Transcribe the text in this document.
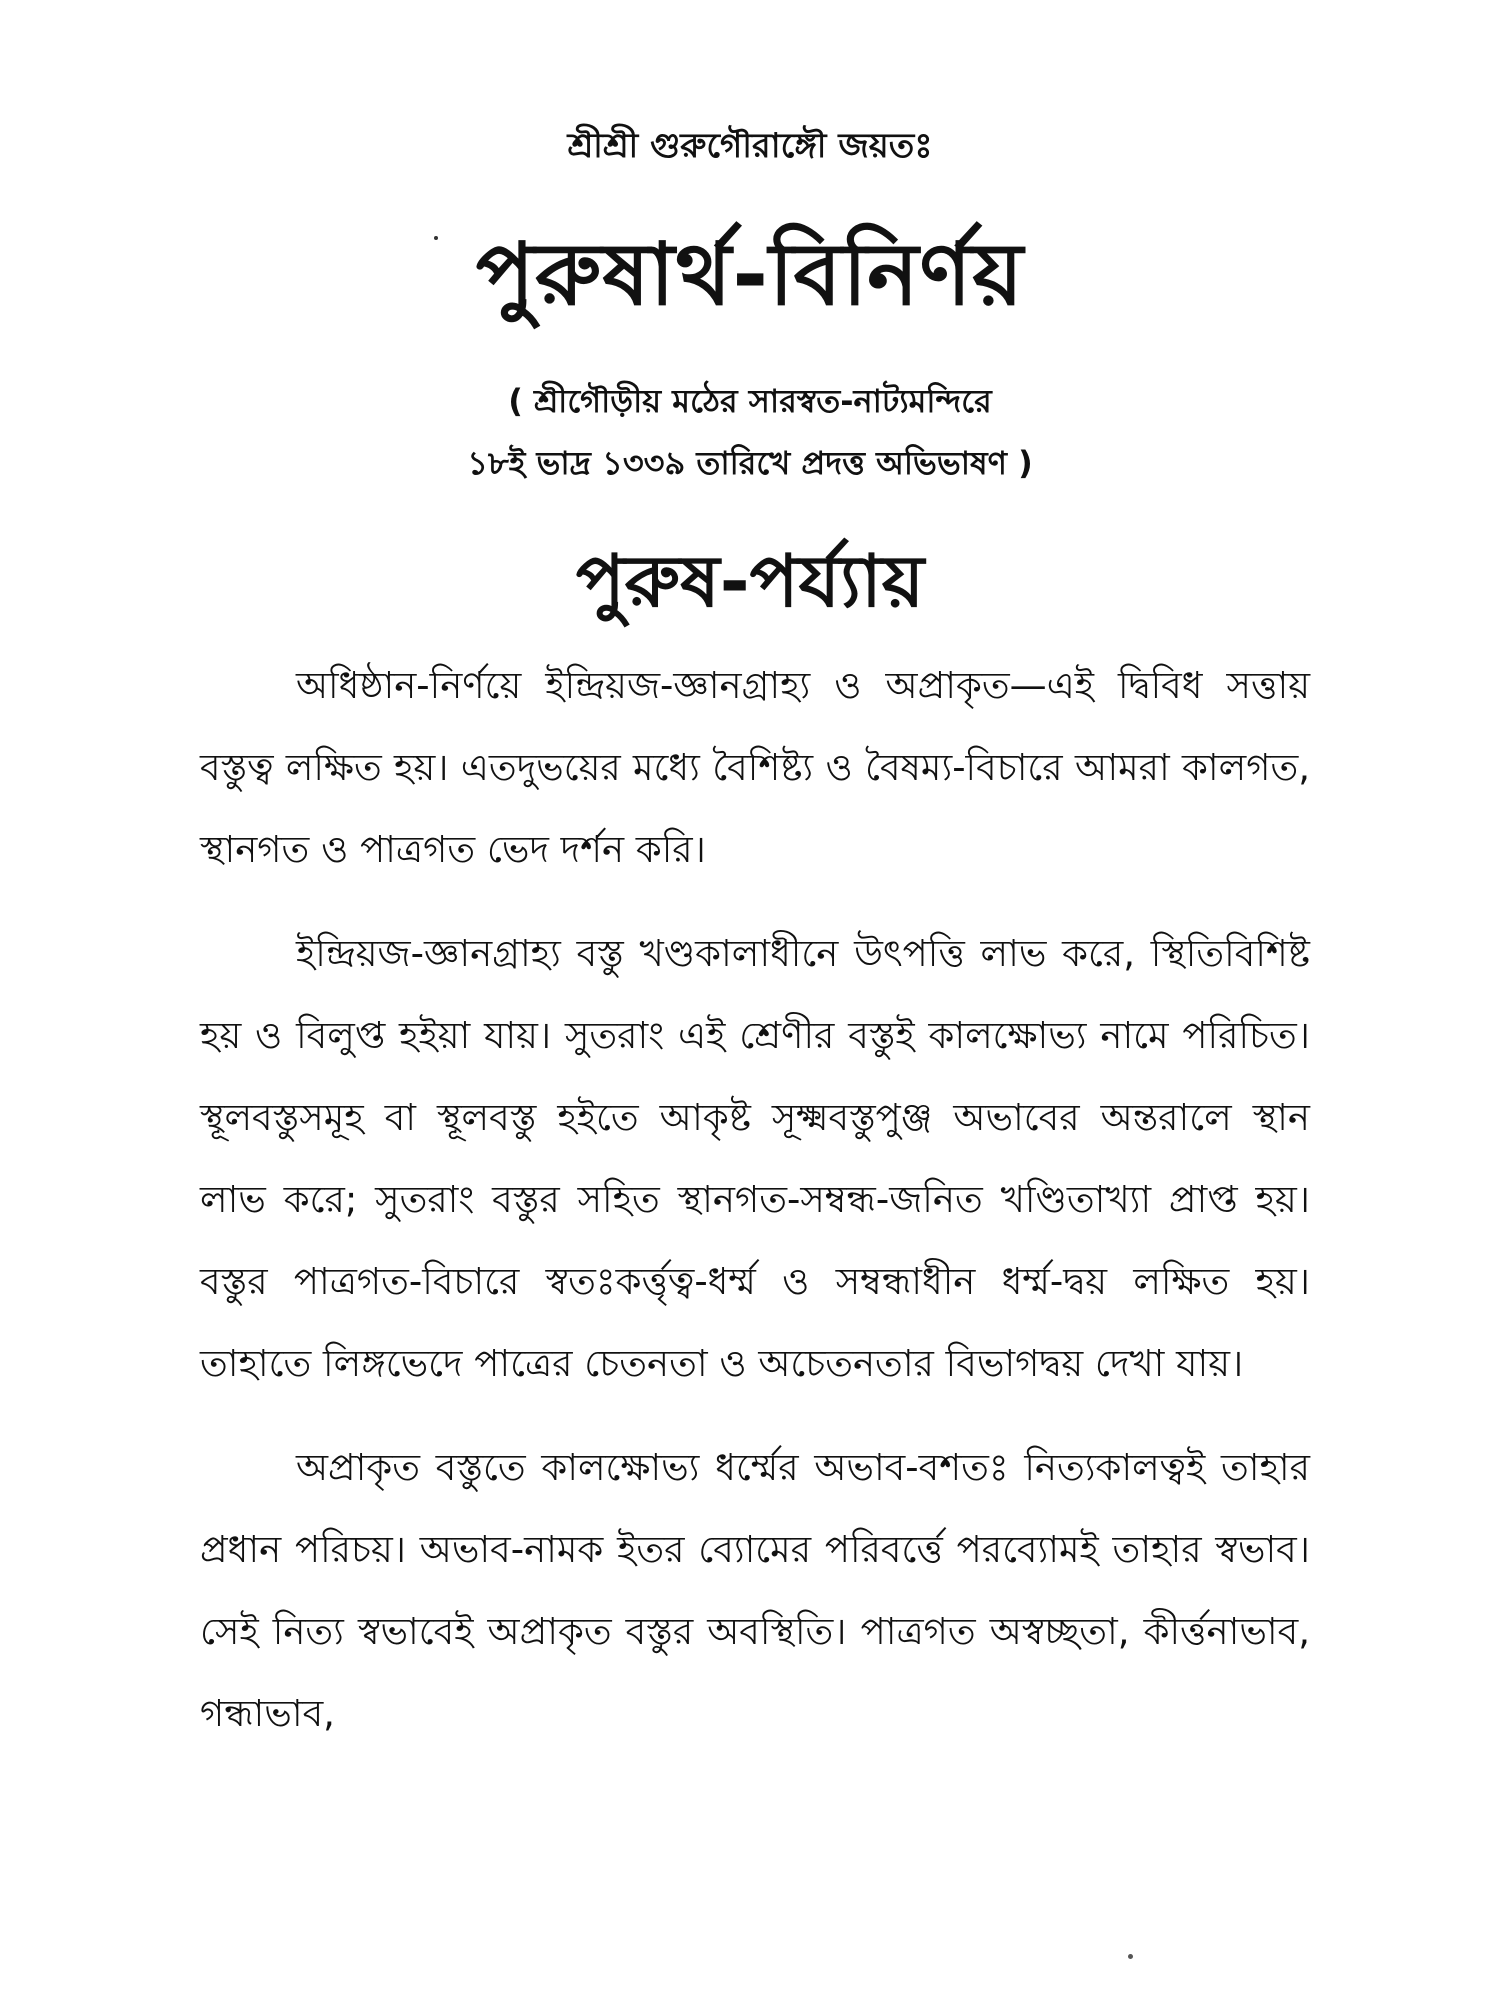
শ্রীশ্রী গুরুগৌরাঙ্গৌ জয়তঃ
পুরুষার্থ-বিনির্ণয়
( শ্রীগৌড়ীয় মঠের সারস্বত-নাট্যমন্দিরে
১৮ই ভাদ্র ১৩৩৯ তারিখে প্রদত্ত অভিভাষণ )
পুরুষ-পর্য্যায়

অধিষ্ঠান-নির্ণয়ে ইন্দ্রিয়জ-জ্ঞানগ্রাহ্য ও অপ্রাকৃত—এই দ্বিবিধ সত্তায় বস্তুত্ব লক্ষিত হয়। এতদুভয়ের মধ্যে বৈশিষ্ট্য ও বৈষম্য-বিচারে আমরা কালগত, স্থানগত ও পাত্রগত ভেদ দর্শন করি।

ইন্দ্রিয়জ-জ্ঞানগ্রাহ্য বস্তু খণ্ডকালাধীনে উৎপত্তি লাভ করে, স্থিতিবিশিষ্ট হয় ও বিলুপ্ত হইয়া যায়। সুতরাং এই শ্রেণীর বস্তুই কালক্ষোভ্য নামে পরিচিত। স্থূলবস্তুসমূহ বা স্থূলবস্তু হইতে আকৃষ্ট সূক্ষ্মবস্তুপুঞ্জ অভাবের অন্তরালে স্থান লাভ করে; সুতরাং বস্তুর সহিত স্থানগত-সম্বন্ধ-জনিত খণ্ডিতাখ্যা প্রাপ্ত হয়। বস্তুর পাত্রগত-বিচারে স্বতঃকর্ত্তৃত্ব-ধর্ম্ম ও সম্বন্ধাধীন ধর্ম্ম-দ্বয় লক্ষিত হয়। তাহাতে লিঙ্গভেদে পাত্রের চেতনতা ও অচেতনতার বিভাগদ্বয় দেখা যায়।

অপ্রাকৃত বস্তুতে কালক্ষোভ্য ধর্ম্মের অভাব-বশতঃ নিত্যকালত্বই তাহার প্রধান পরিচয়। অভাব-নামক ইতর ব্যোমের পরিবর্ত্তে পরব্যোমই তাহার স্বভাব। সেই নিত্য স্বভাবেই অপ্রাকৃত বস্তুর অবস্থিতি। পাত্রগত অস্বচ্ছতা, কীর্ত্তনাভাব, গন্ধাভাব,
